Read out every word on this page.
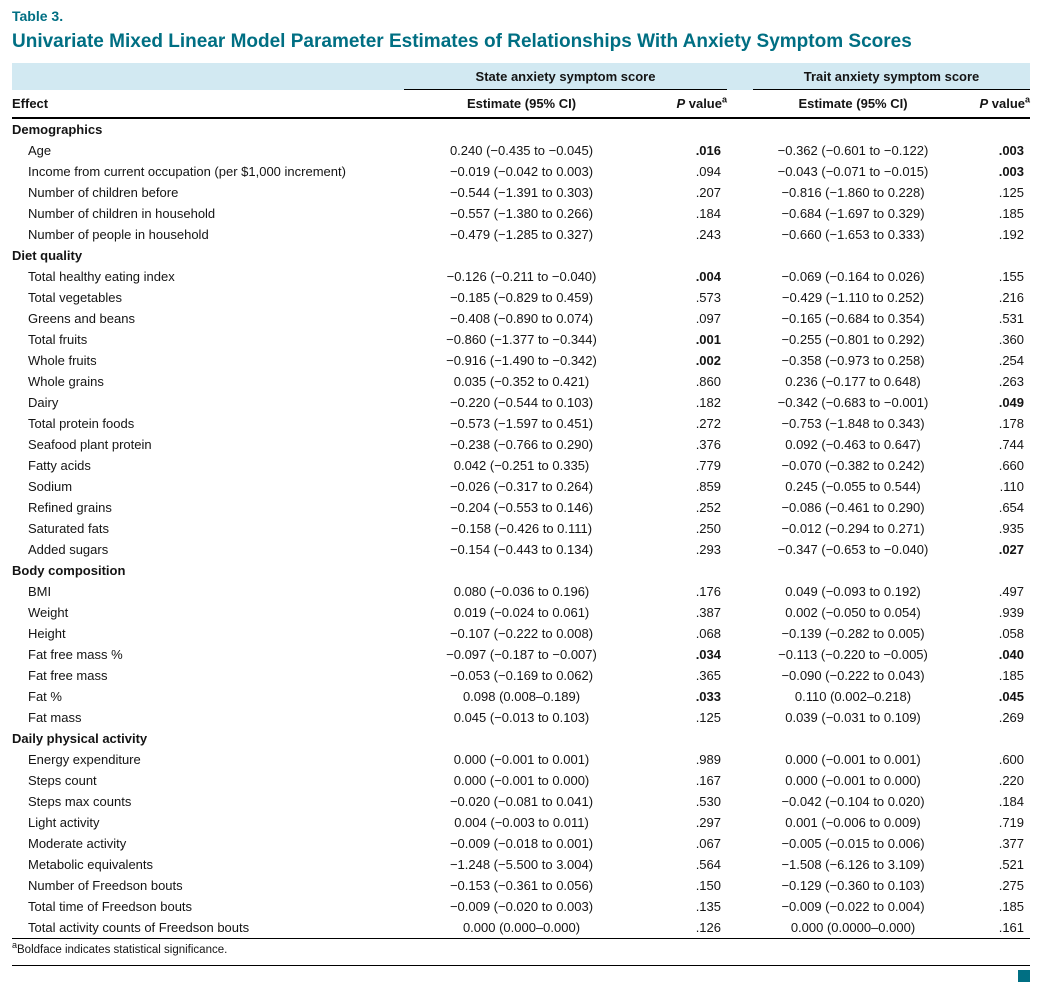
Table 3.
Univariate Mixed Linear Model Parameter Estimates of Relationships With Anxiety Symptom Scores
	State anxiety symptom score			Trait anxiety symptom score	
Effect	Estimate (95% CI)	P value$^a$		Estimate (95% CI)	P value$^a$
Demographics					
Age	0.240 (−0.435 to −0.045)	.016		−0.362 (−0.601 to −0.122)	.003
Income from current occupation (per $1,000 increment)	−0.019 (−0.042 to 0.003)	.094		−0.043 (−0.071 to −0.015)	.003
Number of children before	−0.544 (−1.391 to 0.303)	.207		−0.816 (−1.860 to 0.228)	.125
Number of children in household	−0.557 (−1.380 to 0.266)	.184		−0.684 (−1.697 to 0.329)	.185
Number of people in household	−0.479 (−1.285 to 0.327)	.243		−0.660 (−1.653 to 0.333)	.192
Diet quality					
Total healthy eating index	−0.126 (−0.211 to −0.040)	.004		−0.069 (−0.164 to 0.026)	.155
Total vegetables	−0.185 (−0.829 to 0.459)	.573		−0.429 (−1.110 to 0.252)	.216
Greens and beans	−0.408 (−0.890 to 0.074)	.097		−0.165 (−0.684 to 0.354)	.531
Total fruits	−0.860 (−1.377 to −0.344)	.001		−0.255 (−0.801 to 0.292)	.360
Whole fruits	−0.916 (−1.490 to −0.342)	.002		−0.358 (−0.973 to 0.258)	.254
Whole grains	0.035 (−0.352 to 0.421)	.860		0.236 (−0.177 to 0.648)	.263
Dairy	−0.220 (−0.544 to 0.103)	.182		−0.342 (−0.683 to −0.001)	.049
Total protein foods	−0.573 (−1.597 to 0.451)	.272		−0.753 (−1.848 to 0.343)	.178
Seafood plant protein	−0.238 (−0.766 to 0.290)	.376		0.092 (−0.463 to 0.647)	.744
Fatty acids	0.042 (−0.251 to 0.335)	.779		−0.070 (−0.382 to 0.242)	.660
Sodium	−0.026 (−0.317 to 0.264)	.859		0.245 (−0.055 to 0.544)	.110
Refined grains	−0.204 (−0.553 to 0.146)	.252		−0.086 (−0.461 to 0.290)	.654
Saturated fats	−0.158 (−0.426 to 0.111)	.250		−0.012 (−0.294 to 0.271)	.935
Added sugars	−0.154 (−0.443 to 0.134)	.293		−0.347 (−0.653 to −0.040)	.027
Body composition					
BMI	0.080 (−0.036 to 0.196)	.176		0.049 (−0.093 to 0.192)	.497
Weight	0.019 (−0.024 to 0.061)	.387		0.002 (−0.050 to 0.054)	.939
Height	−0.107 (−0.222 to 0.008)	.068		−0.139 (−0.282 to 0.005)	.058
Fat free mass %	−0.097 (−0.187 to −0.007)	.034		−0.113 (−0.220 to −0.005)	.040
Fat free mass	−0.053 (−0.169 to 0.062)	.365		−0.090 (−0.222 to 0.043)	.185
Fat %	0.098 (0.008–0.189)	.033		0.110 (0.002–0.218)	.045
Fat mass	0.045 (−0.013 to 0.103)	.125		0.039 (−0.031 to 0.109)	.269
Daily physical activity					
Energy expenditure	0.000 (−0.001 to 0.001)	.989		0.000 (−0.001 to 0.001)	.600
Steps count	0.000 (−0.001 to 0.000)	.167		0.000 (−0.001 to 0.000)	.220
Steps max counts	−0.020 (−0.081 to 0.041)	.530		−0.042 (−0.104 to 0.020)	.184
Light activity	0.004 (−0.003 to 0.011)	.297		0.001 (−0.006 to 0.009)	.719
Moderate activity	−0.009 (−0.018 to 0.001)	.067		−0.005 (−0.015 to 0.006)	.377
Metabolic equivalents	−1.248 (−5.500 to 3.004)	.564		−1.508 (−6.126 to 3.109)	.521
Number of Freedson bouts	−0.153 (−0.361 to 0.056)	.150		−0.129 (−0.360 to 0.103)	.275
Total time of Freedson bouts	−0.009 (−0.020 to 0.003)	.135		−0.009 (−0.022 to 0.004)	.185
Total activity counts of Freedson bouts	0.000 (0.000–0.000)	.126		0.000 (0.0000–0.000)	.161
$^a$Boldface indicates statistical significance.
